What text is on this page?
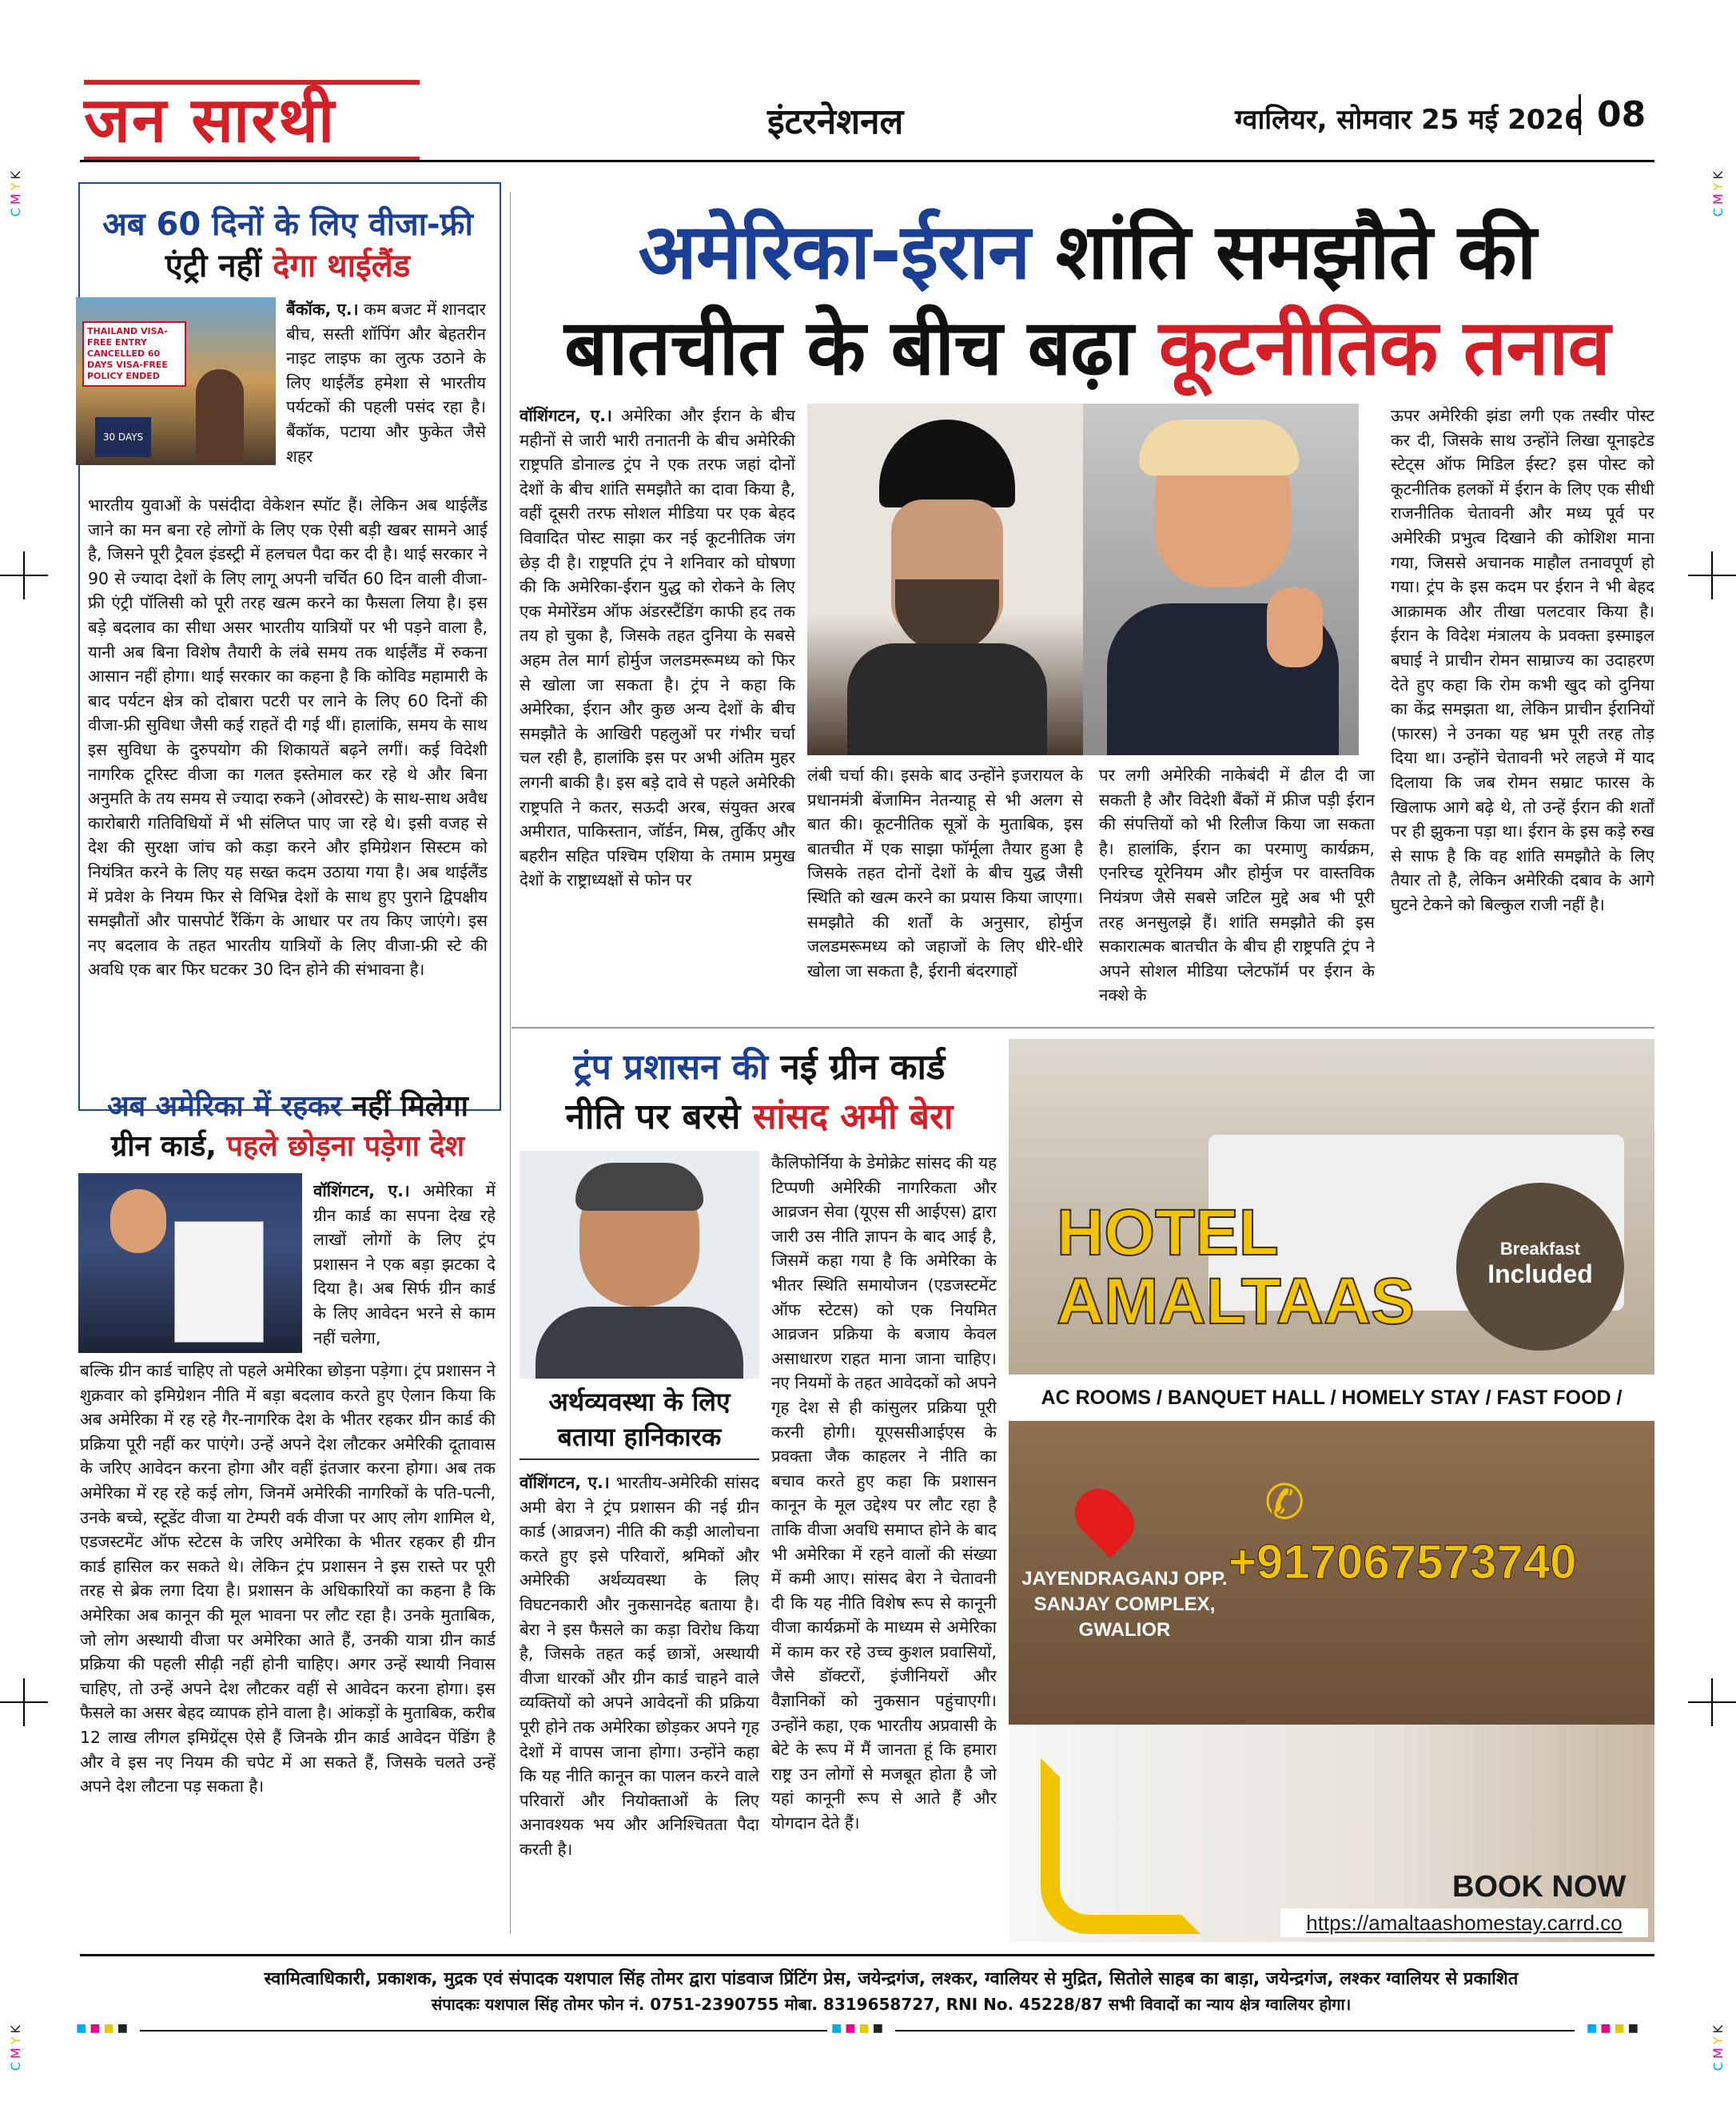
CMYK
CMYK
CMYK
CMYK
जन सारथी	इंटरनेशनल	ग्वालियर, सोमवार 25 मई 2026 08
अब 60 दिनों के लिए वीजा-फ्री
एंट्री नहीं देगा थाईलैंड
THAILAND VISA-FREE ENTRY CANCELLED 60 DAYS VISA-FREE POLICY ENDED
30 DAYS
बैंकॉक, ए.। कम बजट में शानदार बीच, सस्ती शॉपिंग और बेहतरीन नाइट लाइफ का लुत्फ उठाने के लिए थाईलैंड हमेशा से भारतीय पर्यटकों की पहली पसंद रहा है। बैंकॉक, पटाया और फुकेत जैसे शहर
भारतीय युवाओं के पसंदीदा वेकेशन स्पॉट हैं। लेकिन अब थाईलैंड जाने का मन बना रहे लोगों के लिए एक ऐसी बड़ी खबर सामने आई है, जिसने पूरी ट्रैवल इंडस्ट्री में हलचल पैदा कर दी है। थाई सरकार ने 90 से ज्यादा देशों के लिए लागू अपनी चर्चित 60 दिन वाली वीजा-फ्री एंट्री पॉलिसी को पूरी तरह खत्म करने का फैसला लिया है। इस बड़े बदलाव का सीधा असर भारतीय यात्रियों पर भी पड़ने वाला है, यानी अब बिना विशेष तैयारी के लंबे समय तक थाईलैंड में रुकना आसान नहीं होगा। थाई सरकार का कहना है कि कोविड महामारी के बाद पर्यटन क्षेत्र को दोबारा पटरी पर लाने के लिए 60 दिनों की वीजा-फ्री सुविधा जैसी कई राहतें दी गई थीं। हालांकि, समय के साथ इस सुविधा के दुरुपयोग की शिकायतें बढ़ने लगीं। कई विदेशी नागरिक टूरिस्ट वीजा का गलत इस्तेमाल कर रहे थे और बिना अनुमति के तय समय से ज्यादा रुकने (ओवरस्टे) के साथ-साथ अवैध कारोबारी गतिविधियों में भी संलिप्त पाए जा रहे थे। इसी वजह से देश की सुरक्षा जांच को कड़ा करने और इमिग्रेशन सिस्टम को नियंत्रित करने के लिए यह सख्त कदम उठाया गया है। अब थाईलैंड में प्रवेश के नियम फिर से विभिन्न देशों के साथ हुए पुराने द्विपक्षीय समझौतों और पासपोर्ट रैंकिंग के आधार पर तय किए जाएंगे। इस नए बदलाव के तहत भारतीय यात्रियों के लिए वीजा-फ्री स्टे की अवधि एक बार फिर घटकर 30 दिन होने की संभावना है।
अब अमेरिका में रहकर नहीं मिलेगा
ग्रीन कार्ड, पहले छोड़ना पड़ेगा देश
वॉशिंगटन, ए.। अमेरिका में ग्रीन कार्ड का सपना देख रहे लाखों लोगों के लिए ट्रंप प्रशासन ने एक बड़ा झटका दे दिया है। अब सिर्फ ग्रीन कार्ड के लिए आवेदन भरने से काम नहीं चलेगा,
बल्कि ग्रीन कार्ड चाहिए तो पहले अमेरिका छोड़ना पड़ेगा। ट्रंप प्रशासन ने शुक्रवार को इमिग्रेशन नीति में बड़ा बदलाव करते हुए ऐलान किया कि अब अमेरिका में रह रहे गैर-नागरिक देश के भीतर रहकर ग्रीन कार्ड की प्रक्रिया पूरी नहीं कर पाएंगे। उन्हें अपने देश लौटकर अमेरिकी दूतावास के जरिए आवेदन करना होगा और वहीं इंतजार करना होगा। अब तक अमेरिका में रह रहे कई लोग, जिनमें अमेरिकी नागरिकों के पति-पत्नी, उनके बच्चे, स्टूडेंट वीजा या टेम्परी वर्क वीजा पर आए लोग शामिल थे, एडजस्टमेंट ऑफ स्टेटस के जरिए अमेरिका के भीतर रहकर ही ग्रीन कार्ड हासिल कर सकते थे। लेकिन ट्रंप प्रशासन ने इस रास्ते पर पूरी तरह से ब्रेक लगा दिया है। प्रशासन के अधिकारियों का कहना है कि अमेरिका अब कानून की मूल भावना पर लौट रहा है। उनके मुताबिक, जो लोग अस्थायी वीजा पर अमेरिका आते हैं, उनकी यात्रा ग्रीन कार्ड प्रक्रिया की पहली सीढ़ी नहीं होनी चाहिए। अगर उन्हें स्थायी निवास चाहिए, तो उन्हें अपने देश लौटकर वहीं से आवेदन करना होगा। इस फैसले का असर बेहद व्यापक होने वाला है। आंकड़ों के मुताबिक, करीब 12 लाख लीगल इमिग्रेंट्स ऐसे हैं जिनके ग्रीन कार्ड आवेदन पेंडिंग है और वे इस नए नियम की चपेट में आ सकते हैं, जिसके चलते उन्हें अपने देश लौटना पड़ सकता है।
अमेरिका-ईरान शांति समझौते की
बातचीत के बीच बढ़ा कूटनीतिक तनाव
वॉशिंगटन, ए.। अमेरिका और ईरान के बीच महीनों से जारी भारी तनातनी के बीच अमेरिकी राष्ट्रपति डोनाल्ड ट्रंप ने एक तरफ जहां दोनों देशों के बीच शांति समझौते का दावा किया है, वहीं दूसरी तरफ सोशल मीडिया पर एक बेहद विवादित पोस्ट साझा कर नई कूटनीतिक जंग छेड़ दी है। राष्ट्रपति ट्रंप ने शनिवार को घोषणा की कि अमेरिका-ईरान युद्ध को रोकने के लिए एक मेमोरेंडम ऑफ अंडरस्टैंडिंग काफी हद तक तय हो चुका है, जिसके तहत दुनिया के सबसे अहम तेल मार्ग होर्मुज जलडमरूमध्य को फिर से खोला जा सकता है। ट्रंप ने कहा कि अमेरिका, ईरान और कुछ अन्य देशों के बीच समझौते के आखिरी पहलुओं पर गंभीर चर्चा चल रही है, हालांकि इस पर अभी अंतिम मुहर लगनी बाकी है। इस बड़े दावे से पहले अमेरिकी राष्ट्रपति ने कतर, सऊदी अरब, संयुक्त अरब अमीरात, पाकिस्तान, जॉर्डन, मिस्र, तुर्किए और बहरीन सहित पश्चिम एशिया के तमाम प्रमुख देशों के राष्ट्राध्यक्षों से फोन पर
लंबी चर्चा की। इसके बाद उन्होंने इजरायल के प्रधानमंत्री बेंजामिन नेतन्याहू से भी अलग से बात की। कूटनीतिक सूत्रों के मुताबिक, इस बातचीत में एक साझा फॉर्मूला तैयार हुआ है जिसके तहत दोनों देशों के बीच युद्ध जैसी स्थिति को खत्म करने का प्रयास किया जाएगा। समझौते की शर्तों के अनुसार, होर्मुज जलडमरूमध्य को जहाजों के लिए धीरे-धीरे खोला जा सकता है, ईरानी बंदरगाहों
पर लगी अमेरिकी नाकेबंदी में ढील दी जा सकती है और विदेशी बैंकों में फ्रीज पड़ी ईरान की संपत्तियों को भी रिलीज किया जा सकता है। हालांकि, ईरान का परमाणु कार्यक्रम, एनरिच्ड यूरेनियम और होर्मुज पर वास्तविक नियंत्रण जैसे सबसे जटिल मुद्दे अब भी पूरी तरह अनसुलझे हैं। शांति समझौते की इस सकारात्मक बातचीत के बीच ही राष्ट्रपति ट्रंप ने अपने सोशल मीडिया प्लेटफॉर्म पर ईरान के नक्शे के
ऊपर अमेरिकी झंडा लगी एक तस्वीर पोस्ट कर दी, जिसके साथ उन्होंने लिखा यूनाइटेड स्टेट्स ऑफ मिडिल ईस्ट? इस पोस्ट को कूटनीतिक हलकों में ईरान के लिए एक सीधी राजनीतिक चेतावनी और मध्य पूर्व पर अमेरिकी प्रभुत्व दिखाने की कोशिश माना गया, जिससे अचानक माहौल तनावपूर्ण हो गया। ट्रंप के इस कदम पर ईरान ने भी बेहद आक्रामक और तीखा पलटवार किया है। ईरान के विदेश मंत्रालय के प्रवक्ता इस्माइल बघाई ने प्राचीन रोमन साम्राज्य का उदाहरण देते हुए कहा कि रोम कभी खुद को दुनिया का केंद्र समझता था, लेकिन प्राचीन ईरानियों (फारस) ने उनका यह भ्रम पूरी तरह तोड़ दिया था। उन्होंने चेतावनी भरे लहजे में याद दिलाया कि जब रोमन सम्राट फारस के खिलाफ आगे बढ़े थे, तो उन्हें ईरान की शर्तों पर ही झुकना पड़ा था। ईरान के इस कड़े रुख से साफ है कि वह शांति समझौते के लिए तैयार तो है, लेकिन अमेरिकी दबाव के आगे घुटने टेकने को बिल्कुल राजी नहीं है।
ट्रंप प्रशासन की नई ग्रीन कार्ड
नीति पर बरसे सांसद अमी बेरा
अर्थव्यवस्था के लिए
बताया हानिकारक
वॉशिंगटन, ए.। भारतीय-अमेरिकी सांसद अमी बेरा ने ट्रंप प्रशासन की नई ग्रीन कार्ड (आव्रजन) नीति की कड़ी आलोचना करते हुए इसे परिवारों, श्रमिकों और अमेरिकी अर्थव्यवस्था के लिए विघटनकारी और नुकसानदेह बताया है। बेरा ने इस फैसले का कड़ा विरोध किया है, जिसके तहत कई छात्रों, अस्थायी वीजा धारकों और ग्रीन कार्ड चाहने वाले व्यक्तियों को अपने आवेदनों की प्रक्रिया पूरी होने तक अमेरिका छोड़कर अपने गृह देशों में वापस जाना होगा। उन्होंने कहा कि यह नीति कानून का पालन करने वाले परिवारों और नियोक्ताओं के लिए अनावश्यक भय और अनिश्चितता पैदा करती है।
कैलिफोर्निया के डेमोक्रेट सांसद की यह टिप्पणी अमेरिकी नागरिकता और आव्रजन सेवा (यूएस सी आईएस) द्वारा जारी उस नीति ज्ञापन के बाद आई है, जिसमें कहा गया है कि अमेरिका के भीतर स्थिति समायोजन (एडजस्टमेंट ऑफ स्टेटस) को एक नियमित आव्रजन प्रक्रिया के बजाय केवल असाधारण राहत माना जाना चाहिए। नए नियमों के तहत आवेदकों को अपने गृह देश से ही कांसुलर प्रक्रिया पूरी करनी होगी। यूएससीआईएस के प्रवक्ता जैक काहलर ने नीति का बचाव करते हुए कहा कि प्रशासन कानून के मूल उद्देश्य पर लौट रहा है ताकि वीजा अवधि समाप्त होने के बाद भी अमेरिका में रहने वालों की संख्या में कमी आए। सांसद बेरा ने चेतावनी दी कि यह नीति विशेष रूप से कानूनी वीजा कार्यक्रमों के माध्यम से अमेरिका में काम कर रहे उच्च कुशल प्रवासियों, जैसे डॉक्टरों, इंजीनियरों और वैज्ञानिकों को नुकसान पहुंचाएगी। उन्होंने कहा, एक भारतीय अप्रवासी के बेटे के रूप में मैं जानता हूं कि हमारा राष्ट्र उन लोगों से मजबूत होता है जो यहां कानूनी रूप से आते हैं और योगदान देते हैं।
HOTEL
AMALTAAS
Breakfast
Included
AC ROOMS / BANQUET HALL / HOMELY STAY / FAST FOOD /
✆
+917067573740
JAYENDRAGANJ OPP.
SANJAY COMPLEX,
GWALIOR
BOOK NOW
https://amaltaashomestay.carrd.co
स्वामित्वाधिकारी, प्रकाशक, मुद्रक एवं संपादक यशपाल सिंह तोमर द्वारा पांडवाज प्रिंटिंग प्रेस, जयेन्द्रगंज, लश्कर, ग्वालियर से मुद्रित, सितोले साहब का बाड़ा, जयेन्द्रगंज, लश्कर ग्वालियर से प्रकाशित
संपादकः यशपाल सिंह तोमर फोन नं. 0751-2390755 मोबा. 8319658727, RNI No. 45228/87 सभी विवादों का न्याय क्षेत्र ग्वालियर होगा।
■■■■	■■■■	■■■■
